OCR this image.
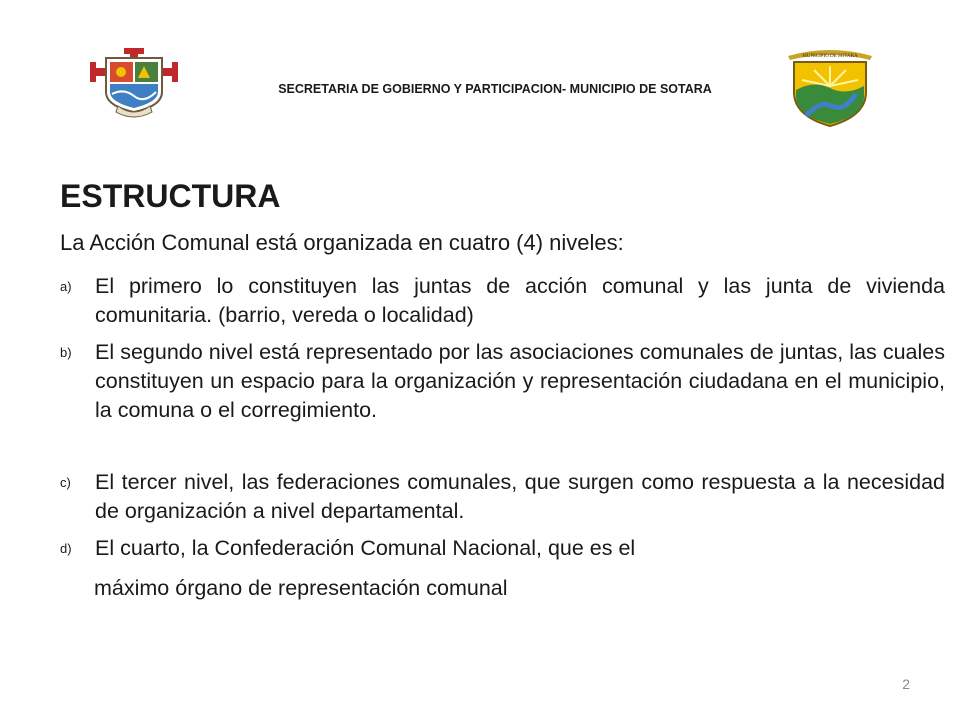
SECRETARIA DE GOBIERNO Y PARTICIPACION- MUNICIPIO DE SOTARA
MUNICIPIO DE SOTARA
ESTRUCTURA

La Acción Comunal está organizada en cuatro (4) niveles:

a) El primero lo constituyen las juntas de acción comunal y las junta de vivienda comunitaria. (barrio, vereda o localidad)
b) El segundo nivel está representado por las asociaciones comunales de juntas, las cuales constituyen un espacio para la organización y representación ciudadana en el municipio, la comuna o el corregimiento.
c) El tercer nivel, las federaciones comunales, que surgen como respuesta a la necesidad de organización a nivel departamental.
d) El cuarto, la Confederación Comunal Nacional, que es el

máximo órgano de representación comunal

2
